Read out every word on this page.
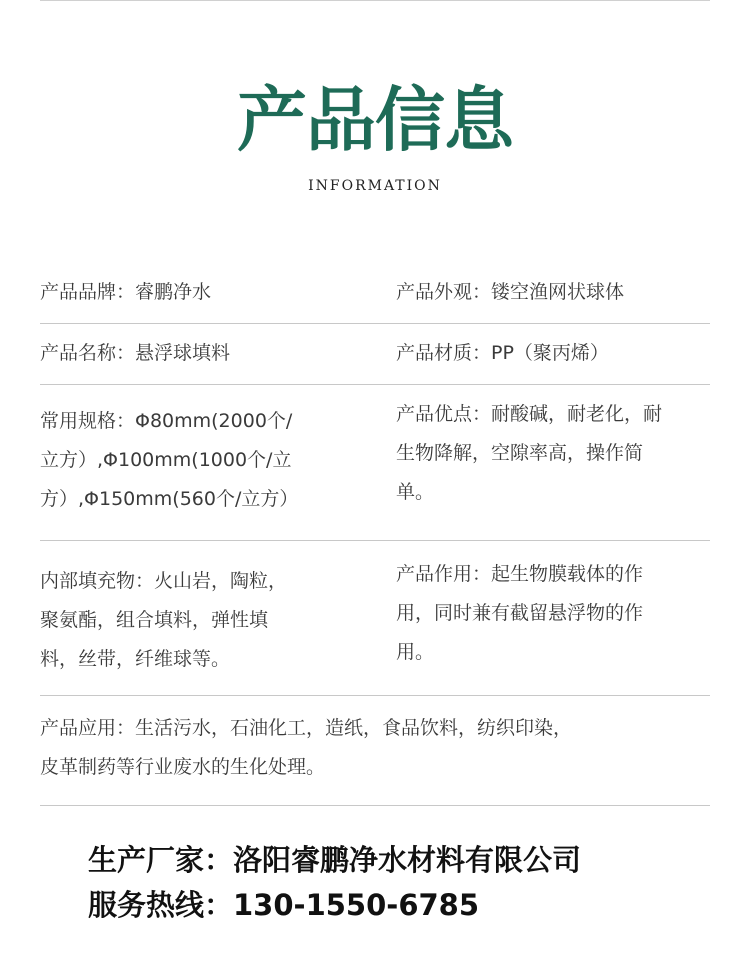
产品信息
INFORMATION
产品品牌：睿鹏净水	产品外观：镂空渔网状球体
产品名称：悬浮球填料	产品材质：PP（聚丙烯）
常用规格：Φ80mm(2000个/
立方）,Φ100mm(1000个/立
方）,Φ150mm(560个/立方）
产品优点：耐酸碱，耐老化，耐
生物降解，空隙率高，操作简
单。
内部填充物：火山岩，陶粒，
聚氨酯，组合填料，弹性填
料，丝带，纤维球等。
产品作用：起生物膜载体的作
用，同时兼有截留悬浮物的作
用。
产品应用：生活污水，石油化工，造纸，食品饮料，纺织印染，
皮革制药等行业废水的生化处理。
生产厂家：洛阳睿鹏净水材料有限公司
服务热线：130-1550-6785
